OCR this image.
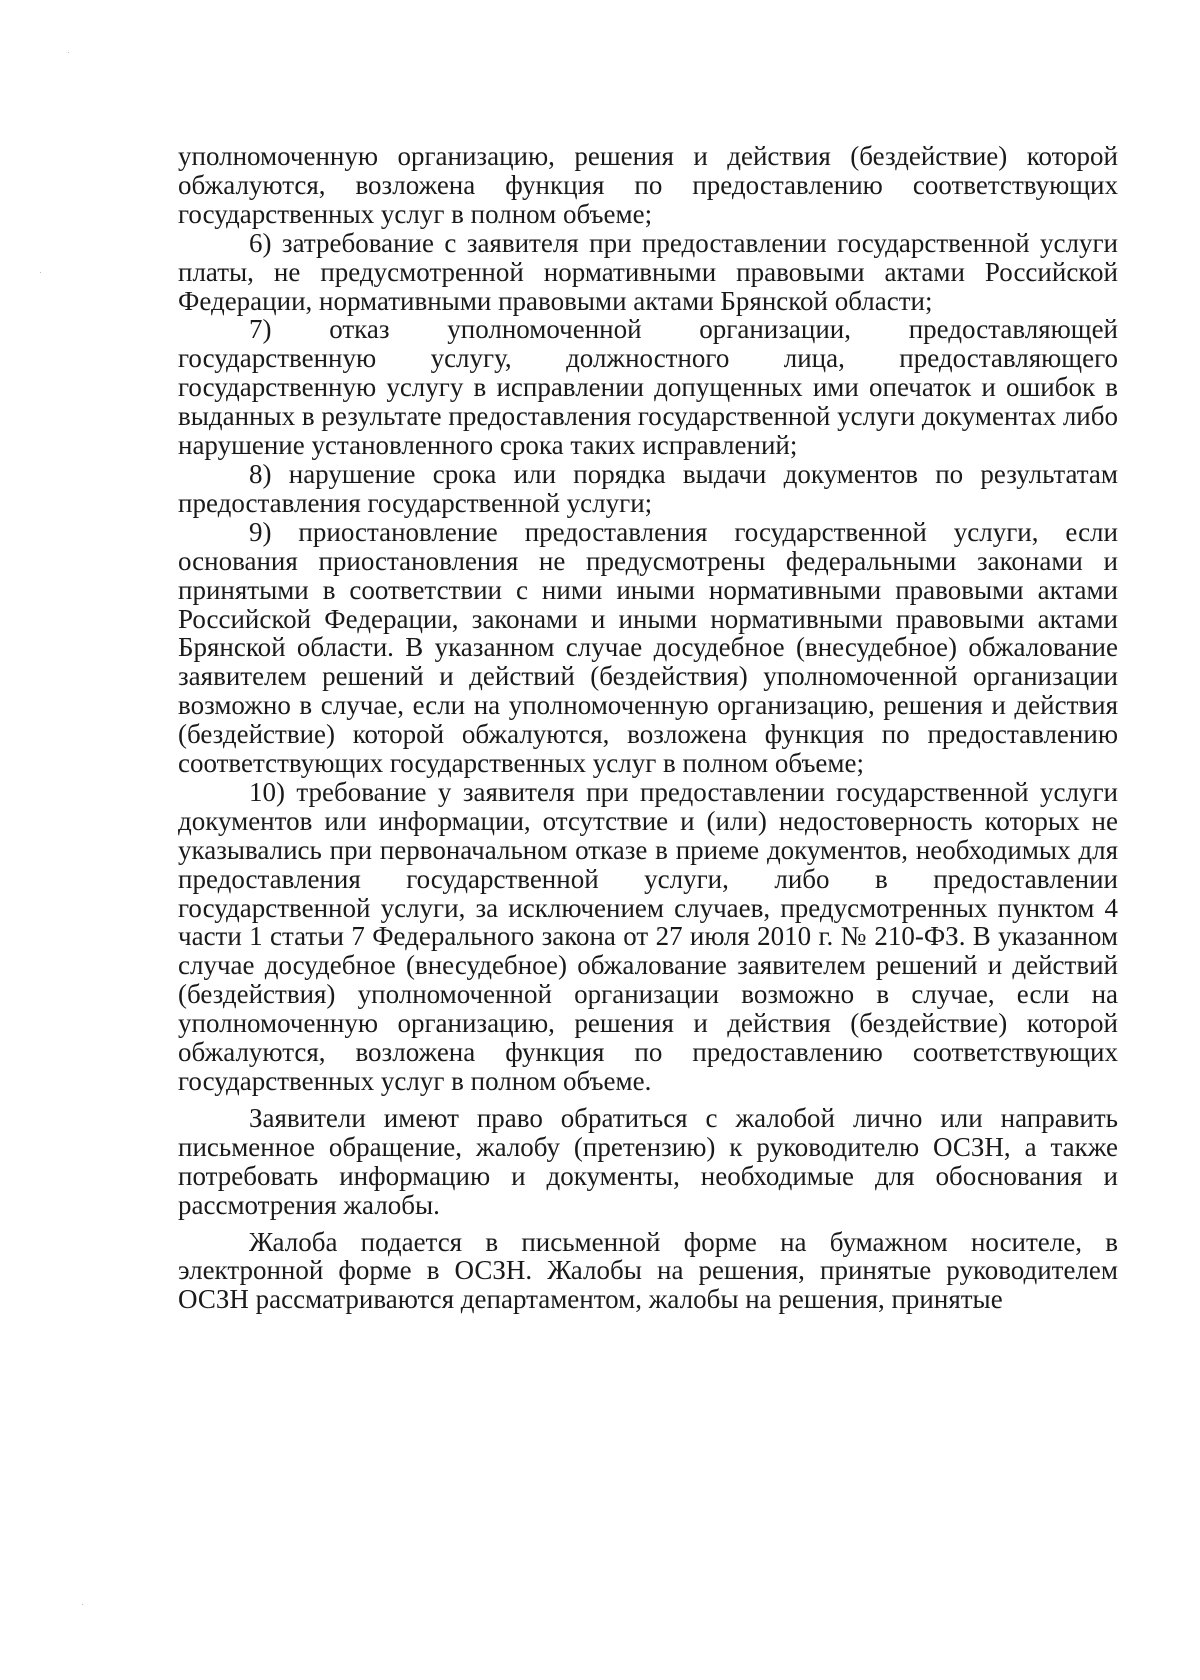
уполномоченную организацию, решения и действия (бездействие) которой обжалуются, возложена функция по предоставлению соответствующих государственных услуг в полном объеме;

6) затребование с заявителя при предоставлении государственной услуги платы, не предусмотренной нормативными правовыми актами Российской Федерации, нормативными правовыми актами Брянской области;

7) отказ уполномоченной организации, предоставляющей государственную услугу, должностного лица, предоставляющего государственную услугу в исправлении допущенных ими опечаток и ошибок в выданных в результате предоставления государственной услуги документах либо нарушение установленного срока таких исправлений;

8) нарушение срока или порядка выдачи документов по результатам предоставления государственной услуги;

9) приостановление предоставления государственной услуги, если основания приостановления не предусмотрены федеральными законами и принятыми в соответствии с ними иными нормативными правовыми актами Российской Федерации, законами и иными нормативными правовыми актами Брянской области. В указанном случае досудебное (внесудебное) обжалование заявителем решений и действий (бездействия) уполномоченной организации возможно в случае, если на уполномоченную организацию, решения и действия (бездействие) которой обжалуются, возложена функция по предоставлению соответствующих государственных услуг в полном объеме;

10) требование у заявителя при предоставлении государственной услуги документов или информации, отсутствие и (или) недостоверность которых не указывались при первоначальном отказе в приеме документов, необходимых для предоставления государственной услуги, либо в предоставлении государственной услуги, за исключением случаев, предусмотренных пунктом 4 части 1 статьи 7 Федерального закона от 27 июля 2010 г. № 210-ФЗ. В указанном случае досудебное (внесудебное) обжалование заявителем решений и действий (бездействия) уполномоченной организации возможно в случае, если на уполномоченную организацию, решения и действия (бездействие) которой обжалуются, возложена функция по предоставлению соответствующих государственных услуг в полном объеме.

Заявители имеют право обратиться с жалобой лично или направить письменное обращение, жалобу (претензию) к руководителю ОСЗН, а также потребовать информацию и документы, необходимые для обоснования и рассмотрения жалобы.

Жалоба подается в письменной форме на бумажном носителе, в электронной форме в ОСЗН. Жалобы на решения, принятые руководителем ОСЗН рассматриваются департаментом, жалобы на решения, принятые
